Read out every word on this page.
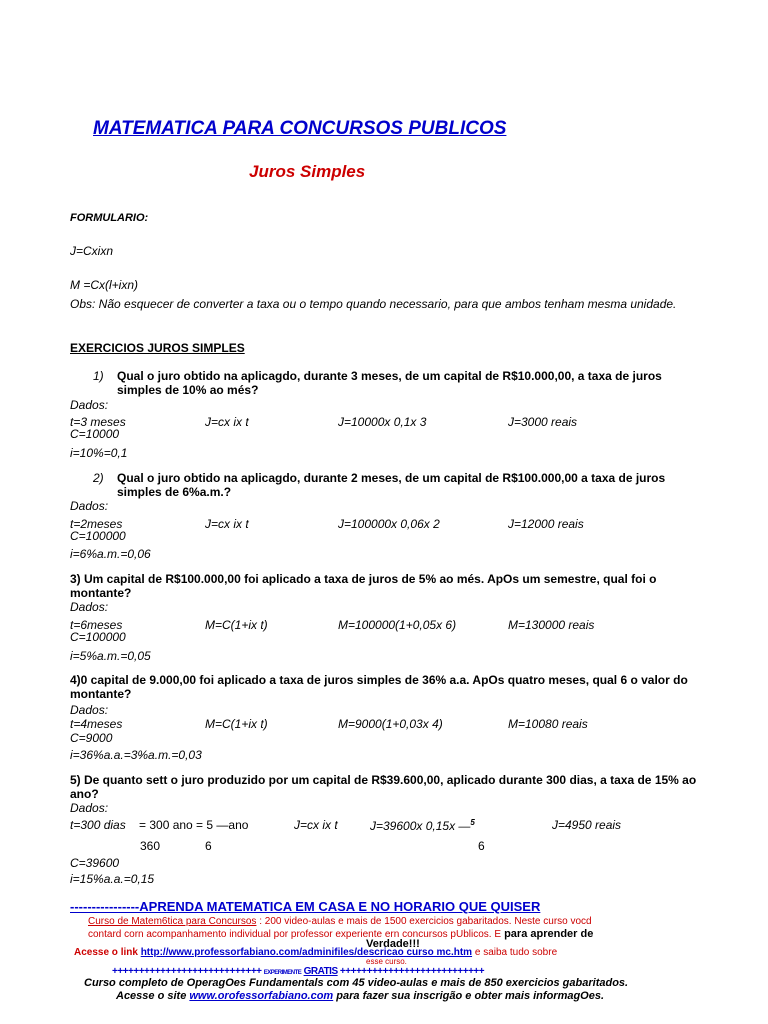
MATEMATICA PARA CONCURSOS PUBLICOS
Juros Simples
FORMULARIO:
J=Cxixn
M =Cx(l+ixn)
Obs: Não esquecer de converter a taxa ou o tempo quando necessario, para que ambos tenham mesma unidade.
EXERCICIOS JUROS SIMPLES
1) Qual o juro obtido na aplicagdo, durante 3 meses, de um capital de R$10.000,00, a taxa de juros simples de 10% ao més?
Dados:
t=3 meses	J=cx ix t	J=10000x 0,1x 3	J=3000 reais
C=10000
i=10%=0,1
2) Qual o juro obtido na aplicagdo, durante 2 meses, de um capital de R$100.000,00 a taxa de juros simples de 6%a.m.?
Dados:
t=2meses	J=cx ix t	J=100000x 0,06x 2	J=12000 reais
C=100000
i=6%a.m.=0,06
3) Um capital de R$100.000,00 foi aplicado a taxa de juros de 5% ao més. ApOs um semestre, qual foi o montante?
Dados:
t=6meses	M=C(1+ix t)	M=100000(1+0,05x 6)	M=130000 reais
C=100000
i=5%a.m.=0,05
4)0 capital de 9.000,00 foi aplicado a taxa de juros simples de 36% a.a. ApOs quatro meses, qual 6 o valor do montante?
Dados:
t=4meses	M=C(1+ix t)	M=9000(1+0,03x 4)	M=10080 reais
C=9000
i=36%a.a.=3%a.m.=0,03
5) De quanto sett o juro produzido por um capital de R$39.600,00, aplicado durante 300 dias, a taxa de 15% ao ano?
Dados:
t=300 dias = 300 ano = 5 —ano	J=cx ix t	J=39600x 0,15x —$^5$	J=4950 reais
360	6	6
C=39600
i=15%a.a.=0,15
----------------APRENDA MATEMATICA EM CASA E NO HORARIO QUE QUISER
Curso de Matem6tica para Concursos : 200 video-aulas e mais de 1500 exercicios gabaritados. Neste curso vocd
contard corn acompanhamento individual por professor experiente ern concursos pUblicos. E para aprender de
Verdade!!!
Acesse o link http://www.professorfabiano.com/adminifiles/descricao curso mc.htm e saiba tudo sobre
esse curso.
++++++++++++++++++++++++++++ EXPERIMENTE GRATIS +++++++++++++++++++++++++++
Curso completo de OperagOes Fundamentals com 45 video-aulas e mais de 850 exercicios gabaritados.
Acesse o site www.orofessorfabiano.com para fazer sua inscrigão e obter mais informagOes.
